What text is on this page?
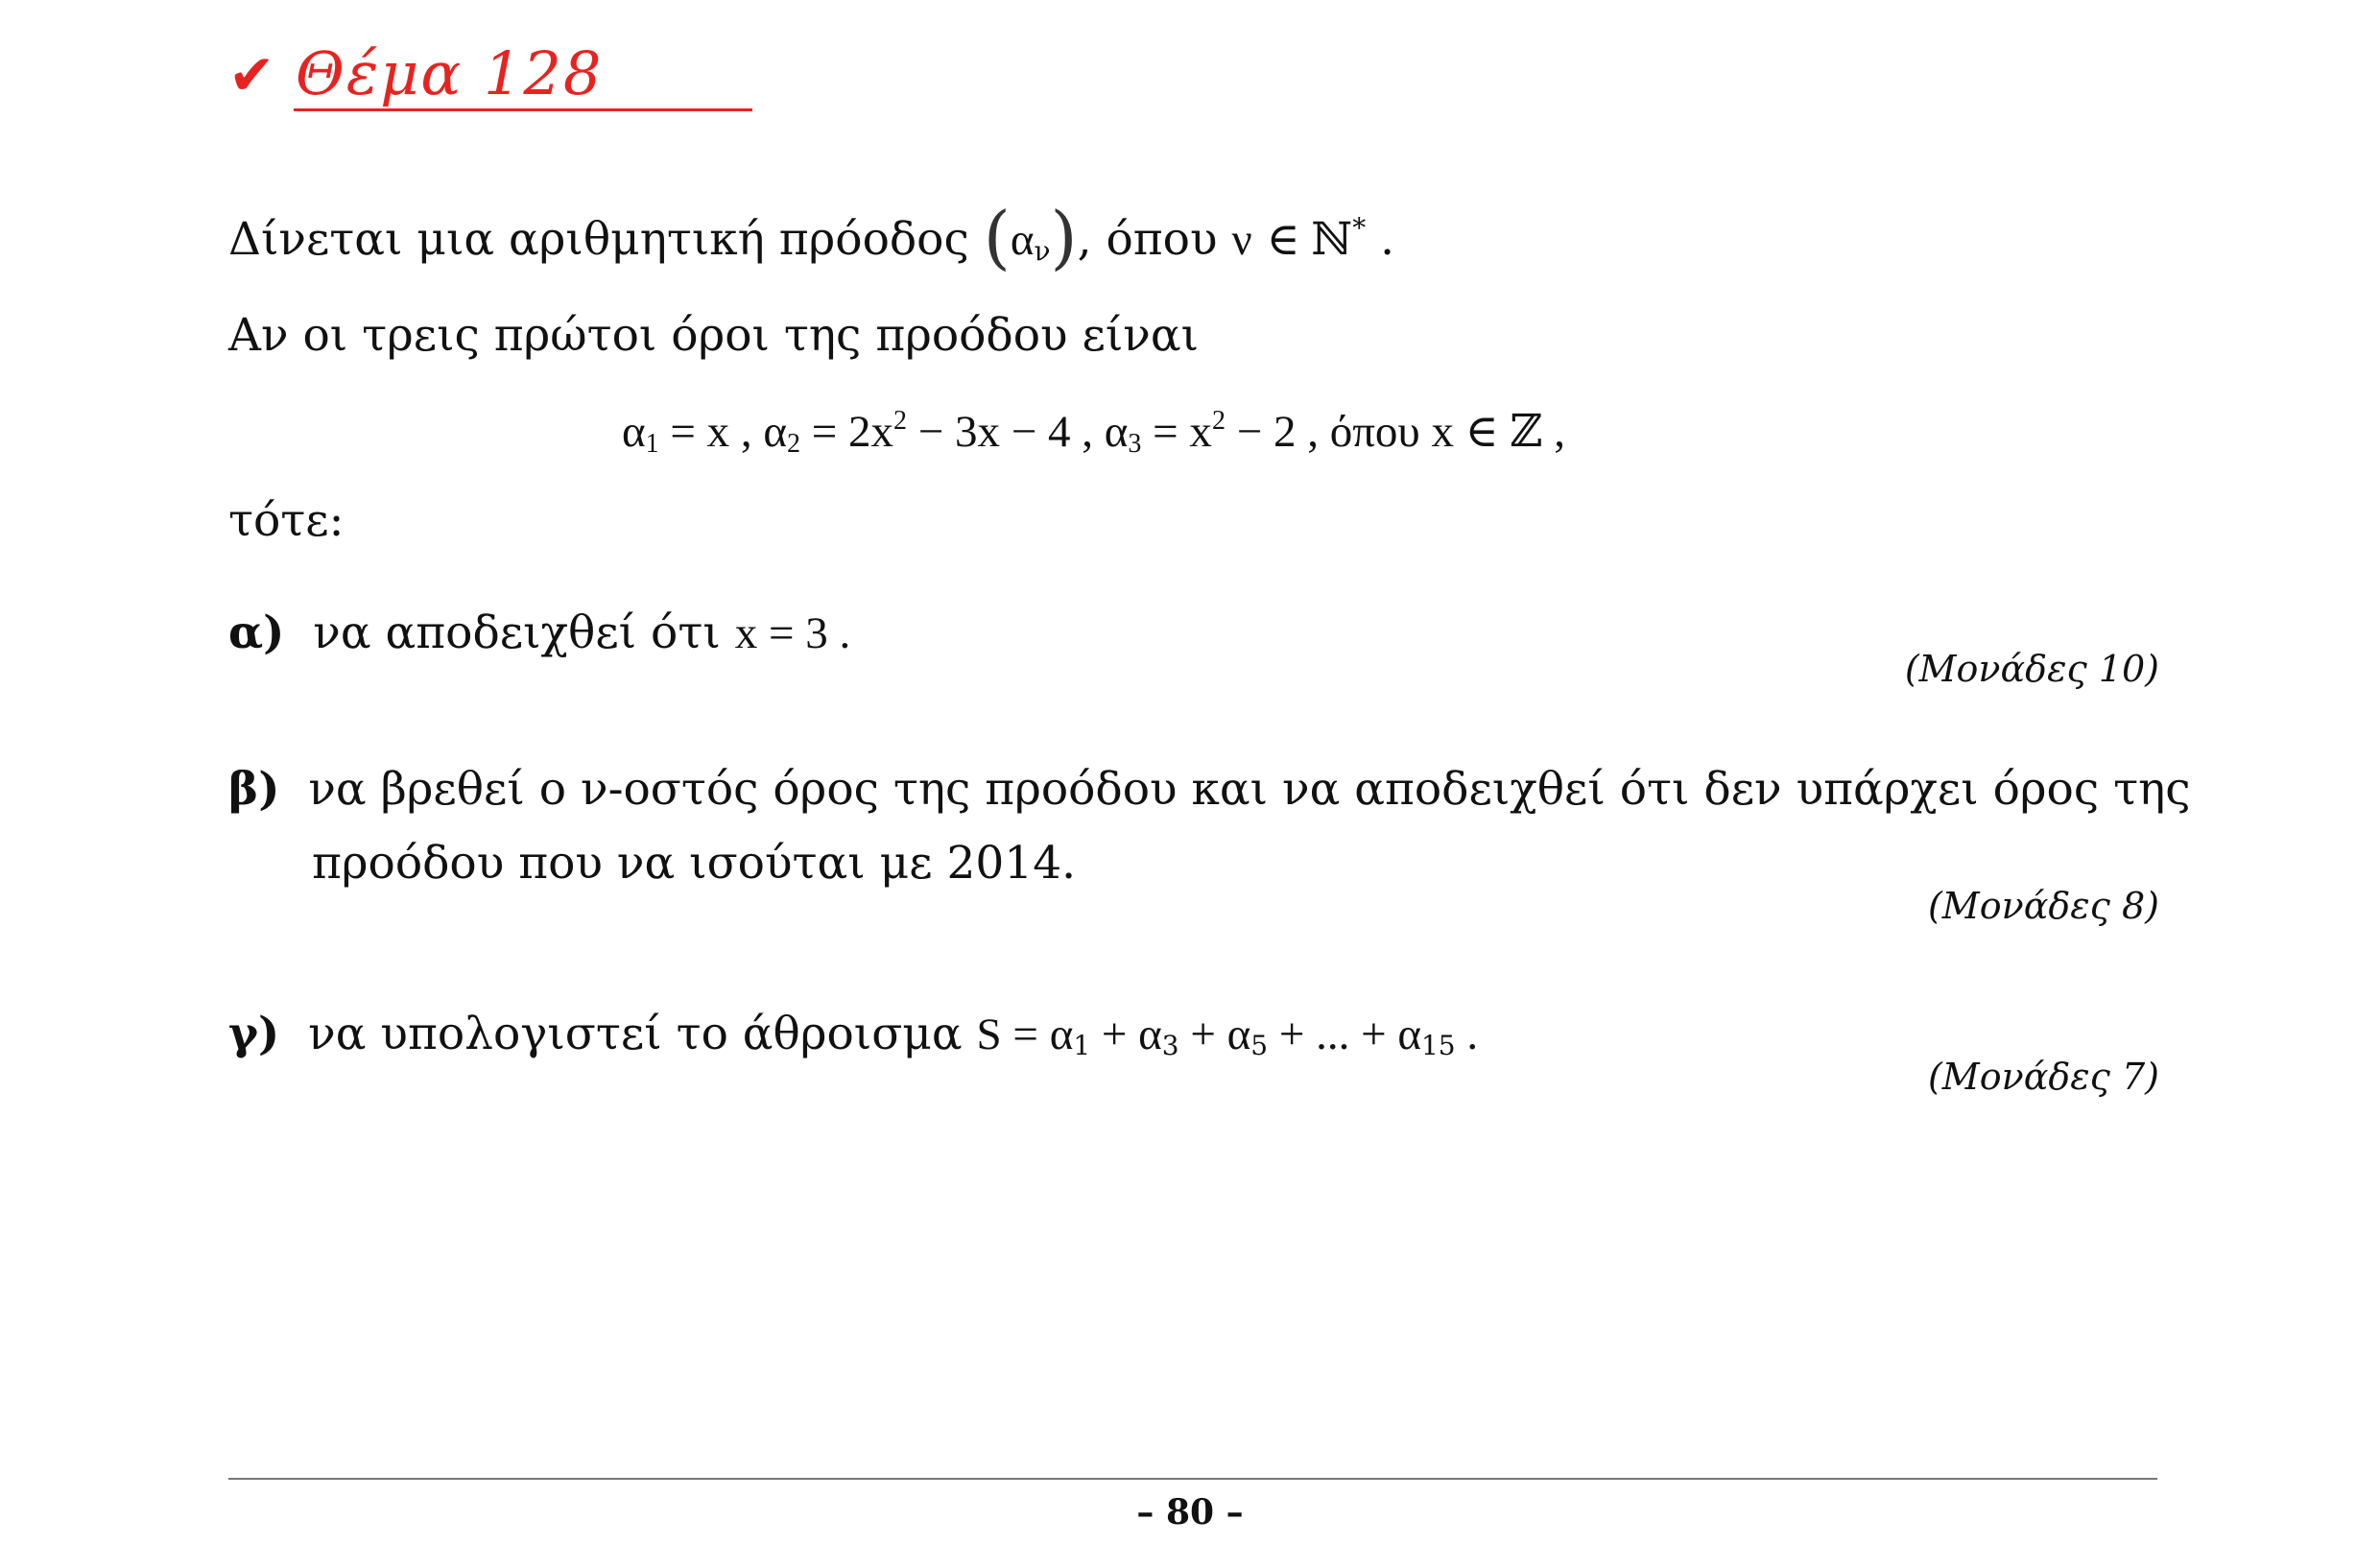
✔ Θέμα 128
Δίνεται μια αριθμητική πρόοδος $(\alpha_\nu)$, όπου ν ∈ ℕ* .
Αν οι τρεις πρώτοι όροι της προόδου είναι
$\alpha_1 = x$ , $\alpha_2 = 2x^2 - 3x - 4$ , $\alpha_3 = x^2 - 2$ , όπου x ∈ ℤ ,
τότε:
α) να αποδειχθεί ότι x = 3 .
(Μονάδες 10)
β) να βρεθεί ο ν-οστός όρος της προόδου και να αποδειχθεί ότι δεν υπάρχει όρος της
προόδου που να ισούται με 2014.
(Μονάδες 8)
γ) να υπολογιστεί το άθροισμα $S = \alpha_1 + \alpha_3 + \alpha_5$ + ... + $\alpha_{15}$ .
(Μονάδες 7)
– 80 –
